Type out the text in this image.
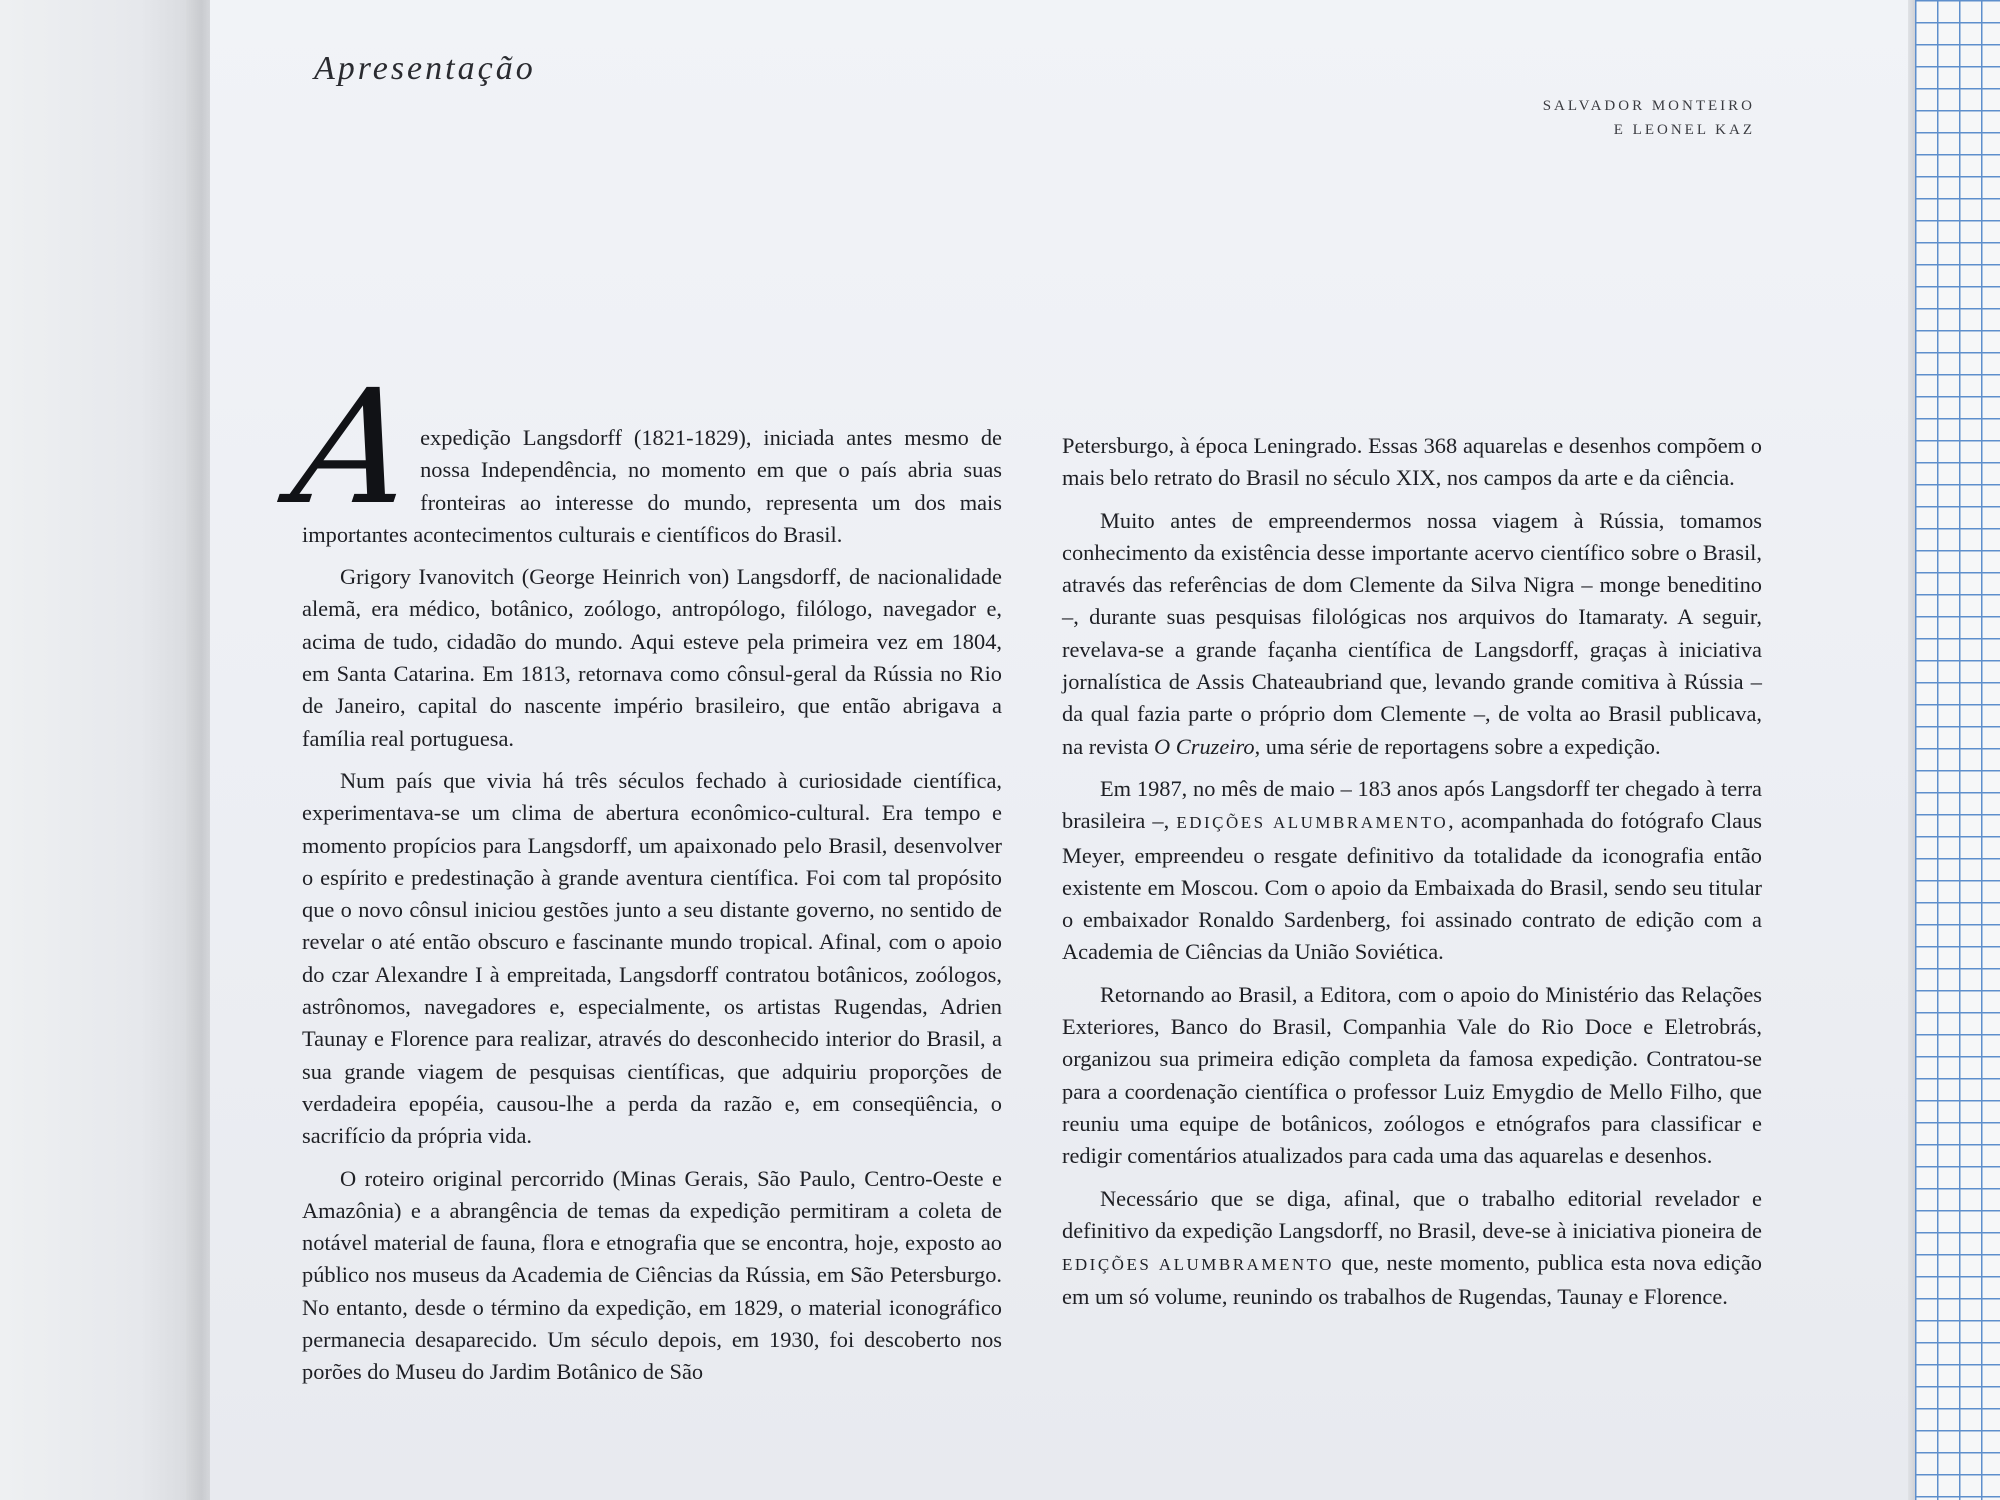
Apresentação
SALVADOR MONTEIRO
E LEONEL KAZ

A
expedição Langsdorff (1821-1829), iniciada antes mesmo de nossa Independência, no momento em que o país abria suas fronteiras ao interesse do mundo, representa um dos mais importantes acontecimentos culturais e científicos do Brasil.

Grigory Ivanovitch (George Heinrich von) Langsdorff, de nacionalidade alemã, era médico, botânico, zoólogo, antropólogo, filólogo, navegador e, acima de tudo, cidadão do mundo. Aqui esteve pela primeira vez em 1804, em Santa Catarina. Em 1813, retornava como cônsul-geral da Rússia no Rio de Janeiro, capital do nascente império brasileiro, que então abrigava a família real portuguesa.

Num país que vivia há três séculos fechado à curiosidade científica, experimentava-se um clima de abertura econômico-cultural. Era tempo e momento propícios para Langsdorff, um apaixonado pelo Brasil, desenvolver o espírito e predestinação à grande aventura científica. Foi com tal propósito que o novo cônsul iniciou gestões junto a seu distante governo, no sentido de revelar o até então obscuro e fascinante mundo tropical. Afinal, com o apoio do czar Alexandre I à empreitada, Langsdorff contratou botânicos, zoólogos, astrônomos, navegadores e, especialmente, os artistas Rugendas, Adrien Taunay e Florence para realizar, através do desconhecido interior do Brasil, a sua grande viagem de pesquisas científicas, que adquiriu proporções de verdadeira epopéia, causou-lhe a perda da razão e, em conseqüência, o sacrifício da própria vida.

O roteiro original percorrido (Minas Gerais, São Paulo, Centro-Oeste e Amazônia) e a abrangência de temas da expedição permitiram a coleta de notável material de fauna, flora e etnografia que se encontra, hoje, exposto ao público nos museus da Academia de Ciências da Rússia, em São Petersburgo. No entanto, desde o término da expedição, em 1829, o material iconográfico permanecia desaparecido. Um século depois, em 1930, foi descoberto nos porões do Museu do Jardim Botânico de São

Petersburgo, à época Leningrado. Essas 368 aquarelas e desenhos compõem o mais belo retrato do Brasil no século XIX, nos campos da arte e da ciência.

Muito antes de empreendermos nossa viagem à Rússia, tomamos conhecimento da existência desse importante acervo científico sobre o Brasil, através das referências de dom Clemente da Silva Nigra – monge beneditino –, durante suas pesquisas filológicas nos arquivos do Itamaraty. A seguir, revelava-se a grande façanha científica de Langsdorff, graças à iniciativa jornalística de Assis Chateaubriand que, levando grande comitiva à Rússia – da qual fazia parte o próprio dom Clemente –, de volta ao Brasil publicava, na revista O Cruzeiro, uma série de reportagens sobre a expedição.

Em 1987, no mês de maio – 183 anos após Langsdorff ter chegado à terra brasileira –, EDIÇÕES ALUMBRAMENTO, acompanhada do fotógrafo Claus Meyer, empreendeu o resgate definitivo da totalidade da iconografia então existente em Moscou. Com o apoio da Embaixada do Brasil, sendo seu titular o embaixador Ronaldo Sardenberg, foi assinado contrato de edição com a Academia de Ciências da União Soviética.

Retornando ao Brasil, a Editora, com o apoio do Ministério das Relações Exteriores, Banco do Brasil, Companhia Vale do Rio Doce e Eletrobrás, organizou sua primeira edição completa da famosa expedição. Contratou-se para a coordenação científica o professor Luiz Emygdio de Mello Filho, que reuniu uma equipe de botânicos, zoólogos e etnógrafos para classificar e redigir comentários atualizados para cada uma das aquarelas e desenhos.

Necessário que se diga, afinal, que o trabalho editorial revelador e definitivo da expedição Langsdorff, no Brasil, deve-se à iniciativa pioneira de EDIÇÕES ALUMBRAMENTO que, neste momento, publica esta nova edição em um só volume, reunindo os trabalhos de Rugendas, Taunay e Florence.
